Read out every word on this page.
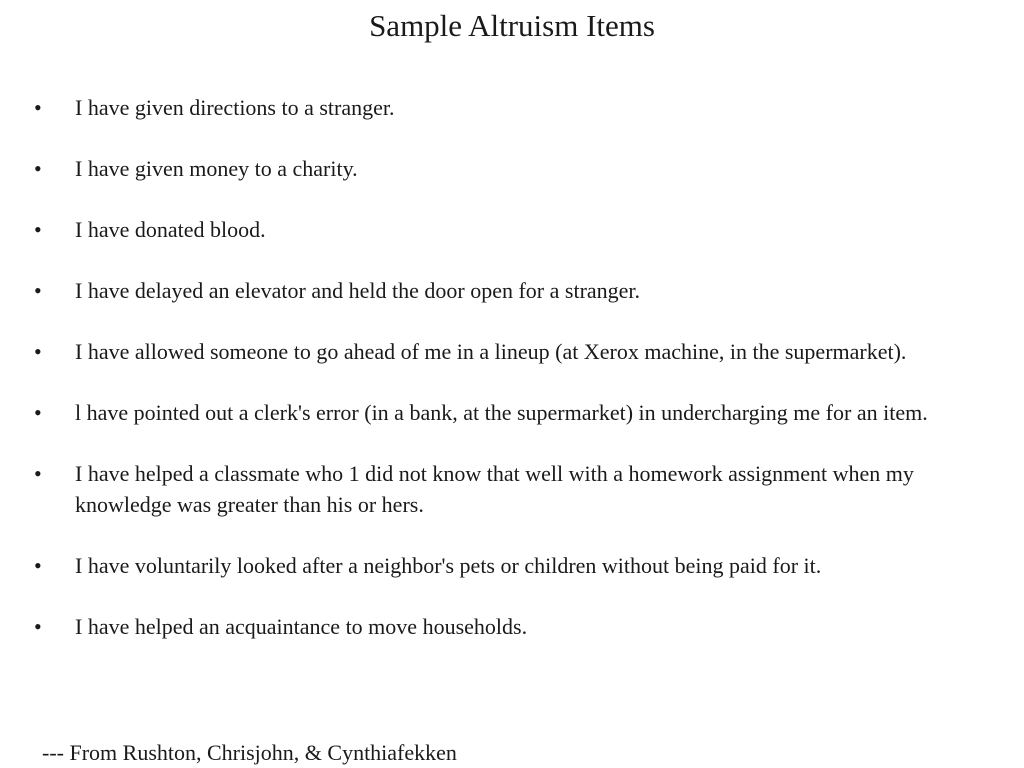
Sample Altruism Items
• I have given directions to a stranger.
• I have given money to a charity.
• I have donated blood.
• I have delayed an elevator and held the door open for a stranger.
• I have allowed someone to go ahead of me in a lineup (at Xerox machine, in the supermarket).
• l have pointed out a clerk's error (in a bank, at the supermarket) in undercharging me for an item.
• I have helped a classmate who 1 did not know that well with a homework assignment when my knowledge was greater than his or hers.
• I have voluntarily looked after a neighbor's pets or children without being paid for it.
• I have helped an acquaintance to move households.
--- From Rushton, Chrisjohn, & Cynthiafekken
